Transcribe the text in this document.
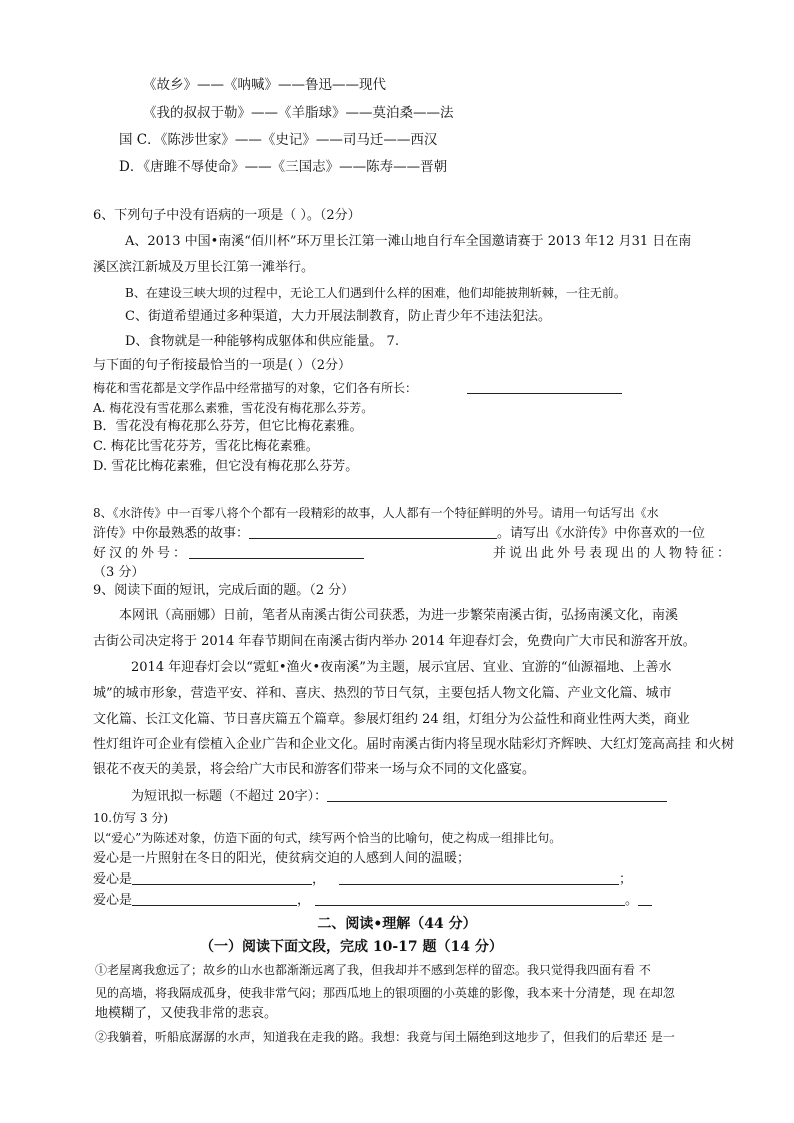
《故乡》——《呐喊》——鲁迅——现代
《我的叔叔于勒》——《羊脂球》——莫泊桑——法
国 C．《陈涉世家》——《史记》——司马迁——西汉
D．《唐雎不辱使命》——《三国志》——陈寿——晋朝
6、下列句子中没有语病的一项是（ ）。（2分）
A、2013 中国•南溪“佰川杯”环万里长江第一滩山地自行车全国邀请赛于 2013 年12 月31 日在南
溪区滨江新城及万里长江第一滩举行。
B、在建设三峡大坝的过程中，无论工人们遇到什么样的困难，他们却能披荆斩棘，一往无前。
C、街道希望通过多种渠道，大力开展法制教育，防止青少年不违法犯法。
D、食物就是一种能够构成躯体和供应能量。 7.
与下面的句子衔接最恰当的一项是( ）（2分）
梅花和雪花都是文学作品中经常描写的对象，它们各有所长：
A. 梅花没有雪花那么素雅，雪花没有梅花那么芬芳。
B．雪花没有梅花那么芬芳，但它比梅花素雅。
C. 梅花比雪花芬芳，雪花比梅花素雅。
D. 雪花比梅花素雅，但它没有梅花那么芬芳。
8、《水浒传》中一百零八将个个都有一段精彩的故事，人人都有一个特征鲜明的外号。请用一句话写出《水
浒传》中你最熟悉的故事：	。请写出《水浒传》中你喜欢的一位
好汉的外号：	并说出此外号表现出的人物特征：
（3 分）
9、阅读下面的短讯，完成后面的题。（2 分）
本网讯（高丽娜）日前，笔者从南溪古街公司获悉，为进一步繁荣南溪古街，弘扬南溪文化，南溪
古街公司决定将于 2014 年春节期间在南溪古街内举办 2014 年迎春灯会，免费向广大市民和游客开放。
2014 年迎春灯会以“霓虹•渔火•夜南溪”为主题，展示宜居、宜业、宜游的“仙源福地、上善水
城”的城市形象，营造平安、祥和、喜庆、热烈的节日气氛，主要包括人物文化篇、产业文化篇、城市
文化篇、长江文化篇、节日喜庆篇五个篇章。参展灯组约 24 组，灯组分为公益性和商业性两大类，商业
性灯组许可企业有偿植入企业广告和企业文化。届时南溪古街内将呈现水陆彩灯齐辉映、大红灯笼高高挂 和火树
银花不夜天的美景，将会给广大市民和游客们带来一场与众不同的文化盛宴。
为短讯拟一标题（不超过 20字）：
10.仿写 3 分)
以“爱心”为陈述对象，仿造下面的句式，续写两个恰当的比喻句，使之构成一组排比句。
爱心是一片照射在冬日的阳光，使贫病交迫的人感到人间的温暖；
爱心是	，	；
爱心是	，	。
二、阅读•理解（44 分）
（一）阅读下面文段，完成 10-17 题（14 分）
①老屋离我愈远了；故乡的山水也都渐渐远离了我，但我却并不感到怎样的留恋。我只觉得我四面有看 不
见的高墙，将我隔成孤身，使我非常气闷；那西瓜地上的银项圈的小英雄的影像，我本来十分清楚，现 在却忽
地模糊了，又使我非常的悲哀。
②我躺着，听船底潺潺的水声，知道我在走我的路。我想：我竟与闰土隔绝到这地步了，但我们的后辈还 是一
